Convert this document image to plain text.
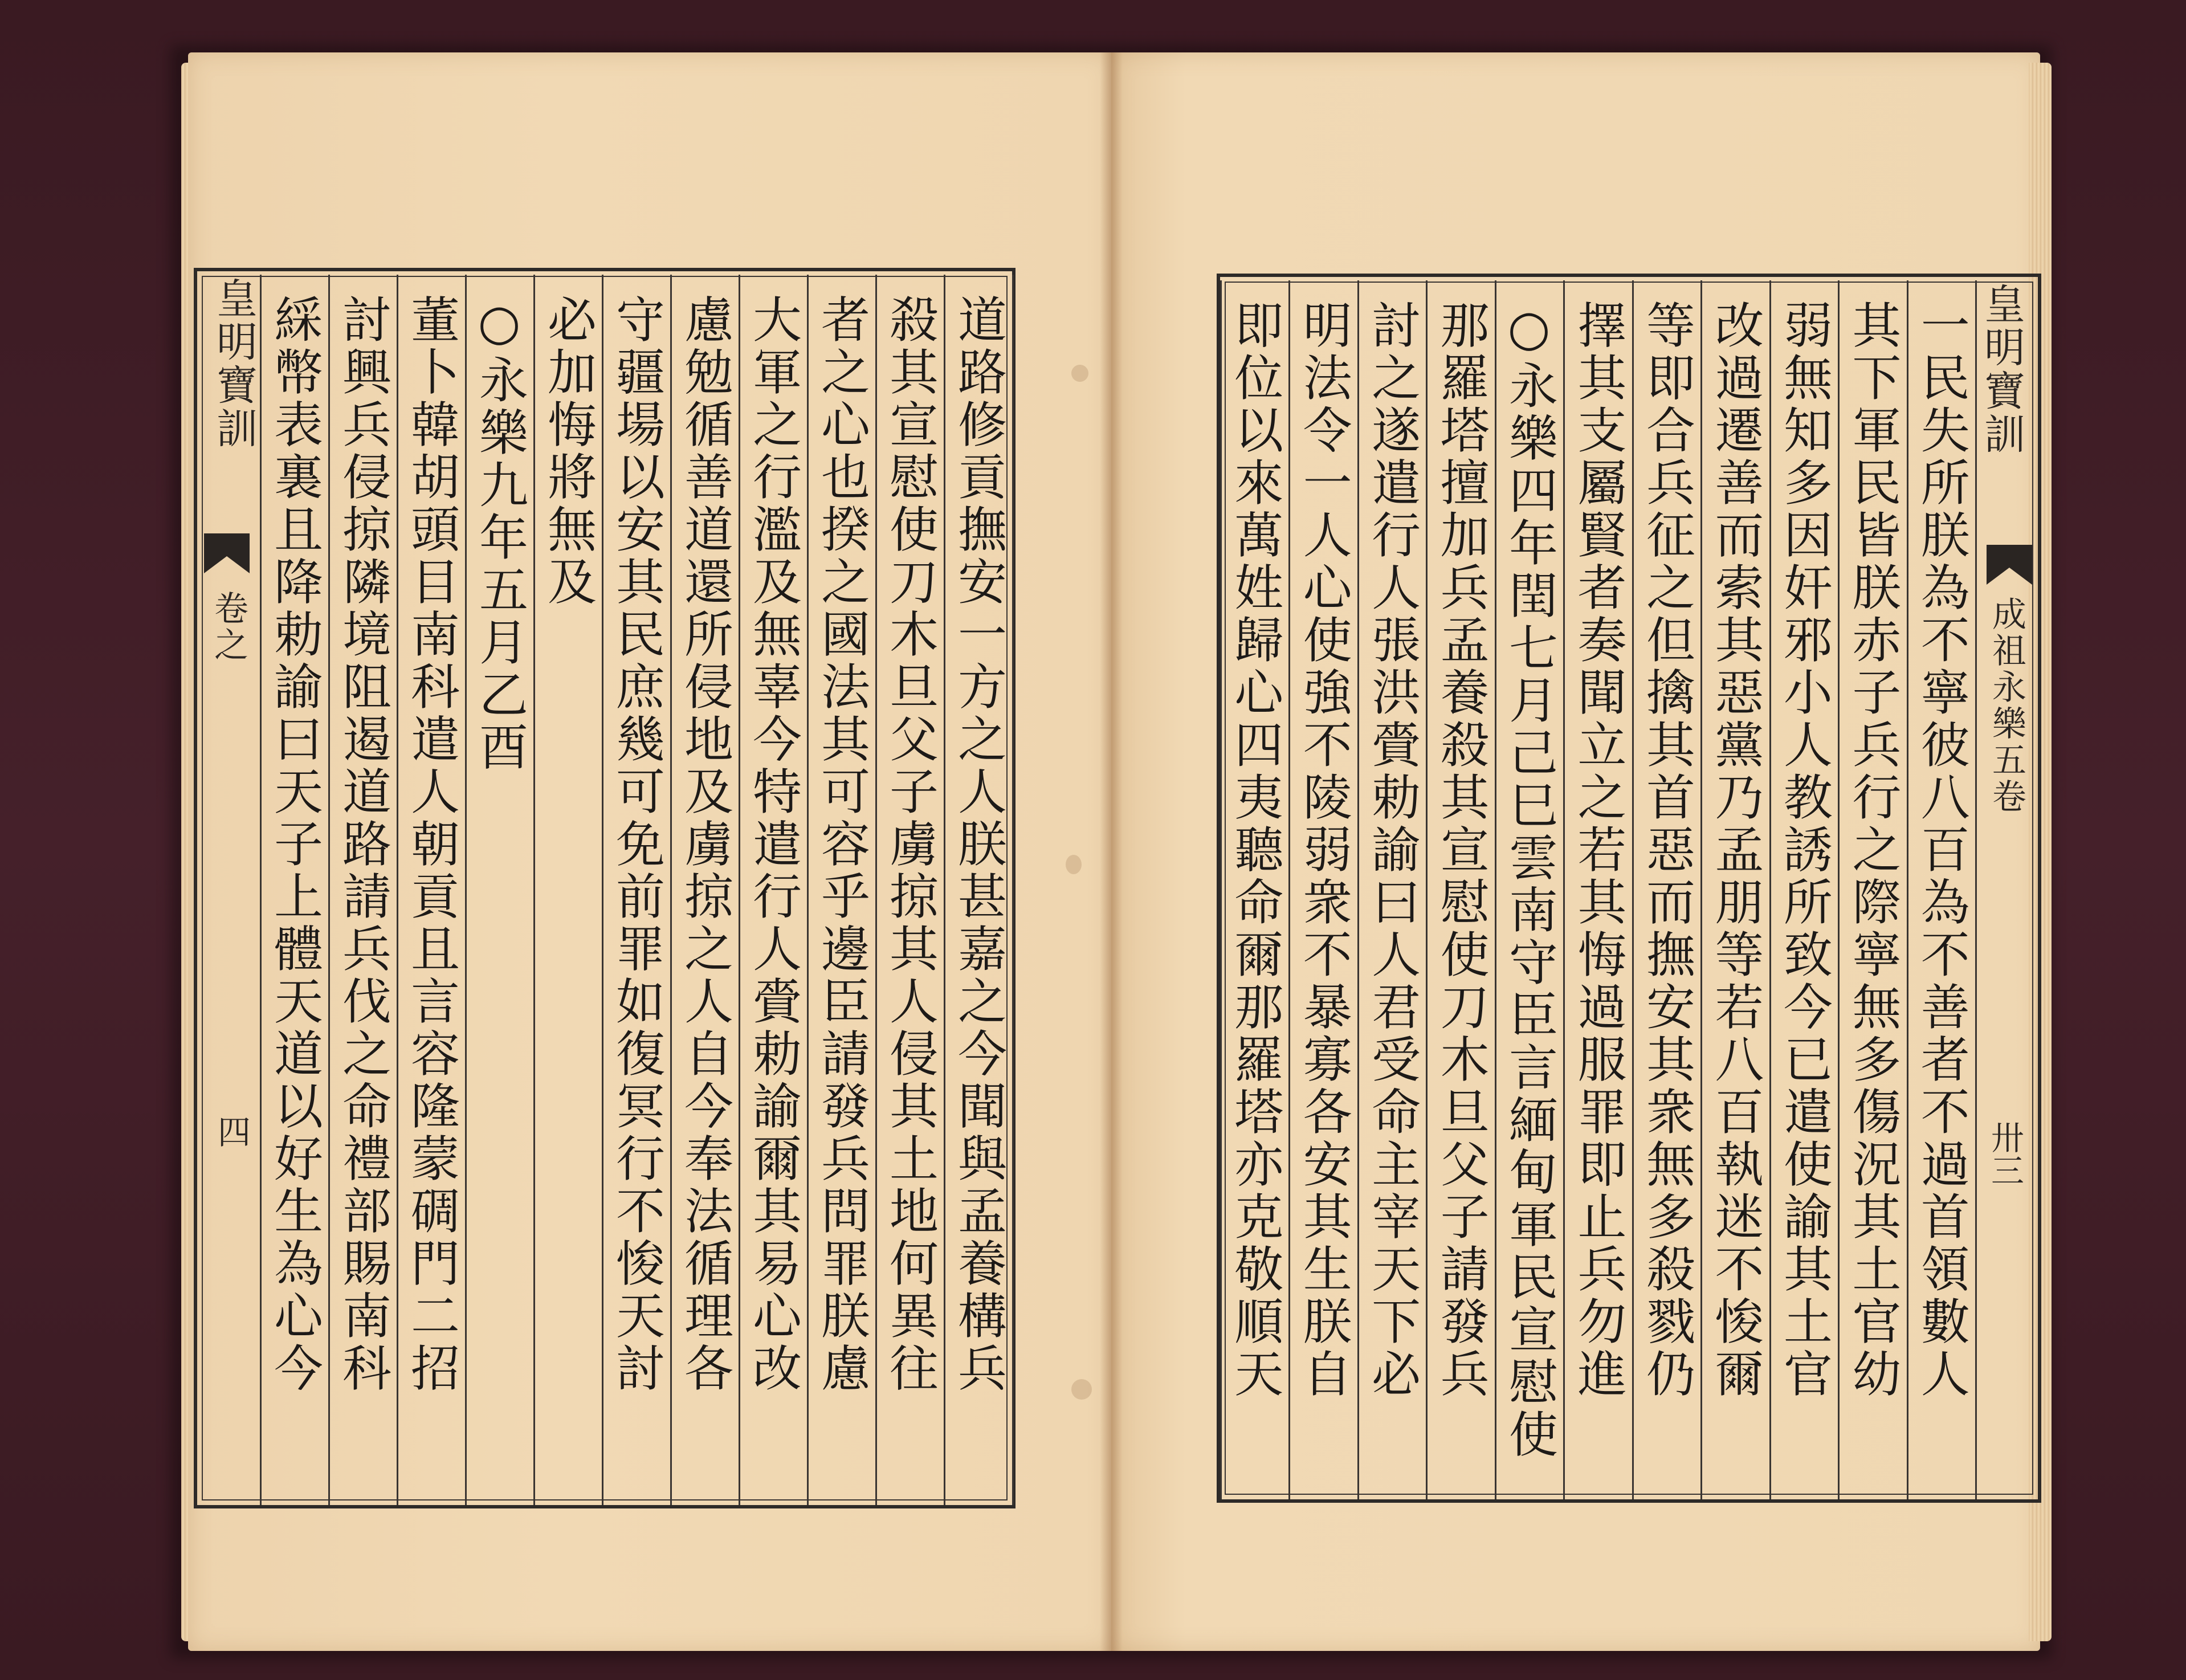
皇明寶訓
卷之
四	道路修貢撫安一方之人朕甚嘉之今聞與孟養構兵
殺其宣慰使刀木旦父子虜掠其人侵其土地何異往
者之心也揆之國法其可容乎邊臣請發兵問罪朕慮
大軍之行濫及無辜今特遣行人賫勅諭爾其易心改
慮勉循善道還所侵地及虜掠之人自今奉法循理各
守疆場以安其民庶幾可免前罪如復冥行不悛天討
必加悔將無及
○永樂九年五月乙酉
董卜韓胡頭目南科遣人朝貢且言容隆蒙碉門二招
討興兵侵掠隣境阻遏道路請兵伐之命禮部賜南科
綵幣表裏且降勅諭曰天子上體天道以好生為心今	皇明寶訓
成祖永樂五卷
卅三
一民失所朕為不寧彼八百為不善者不過首領數人
其下軍民皆朕赤子兵行之際寧無多傷況其土官幼
弱無知多因奸邪小人教誘所致今已遣使諭其土官
改過遷善而索其惡黨乃孟朋等若八百執迷不悛爾
等即合兵征之但擒其首惡而撫安其衆無多殺戮仍
擇其支屬賢者奏聞立之若其悔過服罪即止兵勿進
○永樂四年閏七月己巳雲南守臣言緬甸軍民宣慰使
那羅塔擅加兵孟養殺其宣慰使刀木旦父子請發兵
討之遂遣行人張洪賫勅諭曰人君受命主宰天下必
明法令一人心使強不陵弱衆不暴寡各安其生朕自
即位以來萬姓歸心四夷聽命爾那羅塔亦克敬順天
